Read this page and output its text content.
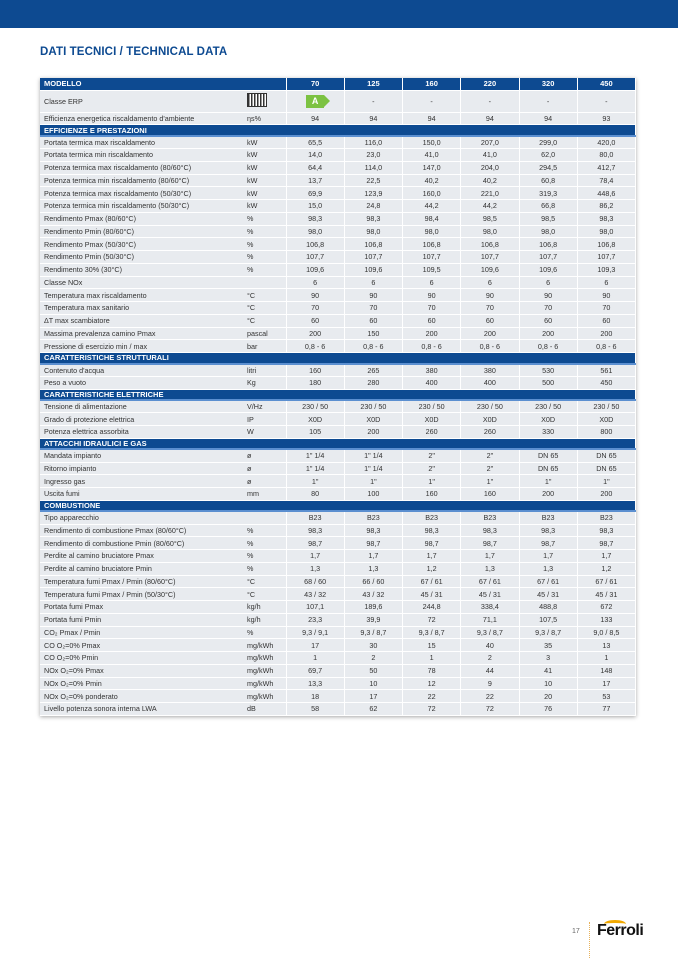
DATI TECNICI / TECHNICAL DATA
MODELLO		70	125	160	220	320	450
Classe ERP		A	-	-	-	-	-
Efficienza energetica riscaldamento d'ambiente	ηs%	94	94	94	94	94	93
EFFICIENZE E PRESTAZIONI							
Portata termica max riscaldamento	kW	65,5	116,0	150,0	207,0	299,0	420,0
Portata termica min riscaldamento	kW	14,0	23,0	41,0	41,0	62,0	80,0
Potenza termica max riscaldamento (80/60°C)	kW	64,4	114,0	147,0	204,0	294,5	412,7
Potenza termica min riscaldamento (80/60°C)	kW	13,7	22,5	40,2	40,2	60,8	78,4
Potenza termica max riscaldamento (50/30°C)	kW	69,9	123,9	160,0	221,0	319,3	448,6
Potenza termica min riscaldamento (50/30°C)	kW	15,0	24,8	44,2	44,2	66,8	86,2
Rendimento Pmax (80/60°C)	%	98,3	98,3	98,4	98,5	98,5	98,3
Rendimento Pmin (80/60°C)	%	98,0	98,0	98,0	98,0	98,0	98,0
Rendimento Pmax (50/30°C)	%	106,8	106,8	106,8	106,8	106,8	106,8
Rendimento Pmin (50/30°C)	%	107,7	107,7	107,7	107,7	107,7	107,7
Rendimento 30% (30°C)	%	109,6	109,6	109,5	109,6	109,6	109,3
Classe NOx		6	6	6	6	6	6
Temperatura max riscaldamento	°C	90	90	90	90	90	90
Temperatura max sanitario	°C	70	70	70	70	70	70
ΔT max scambiatore	°C	60	60	60	60	60	60
Massima prevalenza camino Pmax	pascal	200	150	200	200	200	200
Pressione di esercizio min / max	bar	0,8 - 6	0,8 - 6	0,8 - 6	0,8 - 6	0,8 - 6	0,8 - 6
CARATTERISTICHE STRUTTURALI							
Contenuto d'acqua	litri	160	265	380	380	530	561
Peso a vuoto	Kg	180	280	400	400	500	450
CARATTERISTICHE ELETTRICHE							
Tensione di alimentazione	V/Hz	230 / 50	230 / 50	230 / 50	230 / 50	230 / 50	230 / 50
Grado di protezione elettrica	IP	X0D	X0D	X0D	X0D	X0D	X0D
Potenza elettrica assorbita	W	105	200	260	260	330	800
ATTACCHI IDRAULICI E GAS							
Mandata impianto	ø	1" 1/4	1" 1/4	2"	2"	DN 65	DN 65
Ritorno impianto	ø	1" 1/4	1" 1/4	2"	2"	DN 65	DN 65
Ingresso gas	ø	1"	1"	1"	1"	1"	1"
Uscita fumi	mm	80	100	160	160	200	200
COMBUSTIONE							
Tipo apparecchio		B23	B23	B23	B23	B23	B23
Rendimento di combustione Pmax (80/60°C)	%	98,3	98,3	98,3	98,3	98,3	98,3
Rendimento di combustione Pmin (80/60°C)	%	98,7	98,7	98,7	98,7	98,7	98,7
Perdite al camino bruciatore Pmax	%	1,7	1,7	1,7	1,7	1,7	1,7
Perdite al camino bruciatore Pmin	%	1,3	1,3	1,2	1,3	1,3	1,2
Temperatura fumi Pmax / Pmin (80/60°C)	°C	68 / 60	66 / 60	67 / 61	67 / 61	67 / 61	67 / 61
Temperatura fumi Pmax / Pmin (50/30°C)	°C	43 / 32	43 / 32	45 / 31	45 / 31	45 / 31	45 / 31
Portata fumi Pmax	kg/h	107,1	189,6	244,8	338,4	488,8	672
Portata fumi Pmin	kg/h	23,3	39,9	72	71,1	107,5	133
CO₂ Pmax / Pmin	%	9,3 / 9,1	9,3 / 8,7	9,3 / 8,7	9,3 / 8,7	9,3 / 8,7	9,0 / 8,5
CO O₂=0% Pmax	mg/kWh	17	30	15	40	35	13
CO O₂=0% Pmin	mg/kWh	1	2	1	2	3	1
NOx O₂=0% Pmax	mg/kWh	69,7	50	78	44	41	148
NOx O₂=0% Pmin	mg/kWh	13,3	10	12	9	10	17
NOx O₂=0% ponderato	mg/kWh	18	17	22	22	20	53
Livello potenza sonora interna LWA	dB	58	62	72	72	76	77
17 Ferroli
